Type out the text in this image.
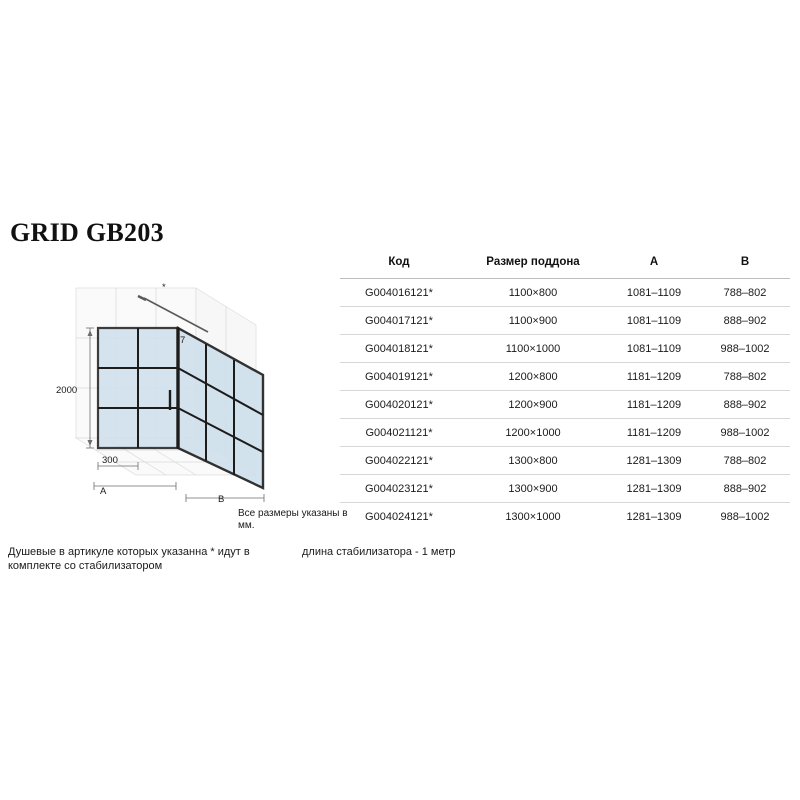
GRID GB203
2000
300
A
B
*
7
Все размеры указаны в мм.
Код	Размер поддона	A	B
G004016121*	1100×800	1081–1109	788–802
G004017121*	1100×900	1081–1109	888–902
G004018121*	1100×1000	1081–1109	988–1002
G004019121*	1200×800	1181–1209	788–802
G004020121*	1200×900	1181–1209	888–902
G004021121*	1200×1000	1181–1209	988–1002
G004022121*	1300×800	1281–1309	788–802
G004023121*	1300×900	1281–1309	888–902
G004024121*	1300×1000	1281–1309	988–1002
Душевые в артикуле которых указанна * идут в комплекте со стабилизатором
длина стабилизатора - 1 метр
